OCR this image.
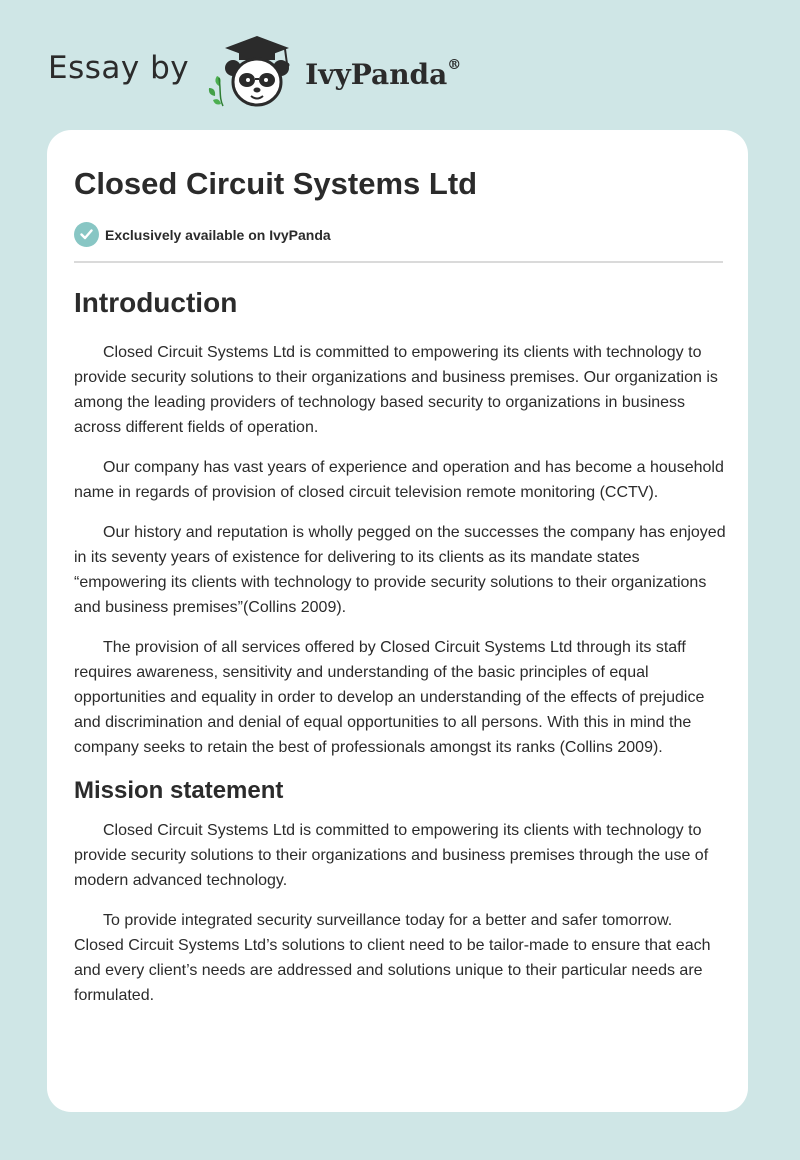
Essay by	IvyPanda®
Closed Circuit Systems Ltd
Exclusively available on IvyPanda
Introduction

Closed Circuit Systems Ltd is committed to empowering its clients with technology to provide security solutions to their organizations and business premises. Our organization is among the leading providers of technology based security to organizations in business across different fields of operation.

Our company has vast years of experience and operation and has become a household name in regards of provision of closed circuit television remote monitoring (CCTV).

Our history and reputation is wholly pegged on the successes the company has enjoyed in its seventy years of existence for delivering to its clients as its mandate states “empowering its clients with technology to provide security solutions to their organizations and business premises”(Collins 2009).

The provision of all services offered by Closed Circuit Systems Ltd through its staff requires awareness, sensitivity and understanding of the basic principles of equal opportunities and equality in order to develop an understanding of the effects of prejudice and discrimination and denial of equal opportunities to all persons. With this in mind the company seeks to retain the best of professionals amongst its ranks (Collins 2009).

Mission statement

Closed Circuit Systems Ltd is committed to empowering its clients with technology to provide security solutions to their organizations and business premises through the use of modern advanced technology.

To provide integrated security surveillance today for a better and safer tomorrow. Closed Circuit Systems Ltd’s solutions to client need to be tailor-made to ensure that each and every client’s needs are addressed and solutions unique to their particular needs are formulated.
